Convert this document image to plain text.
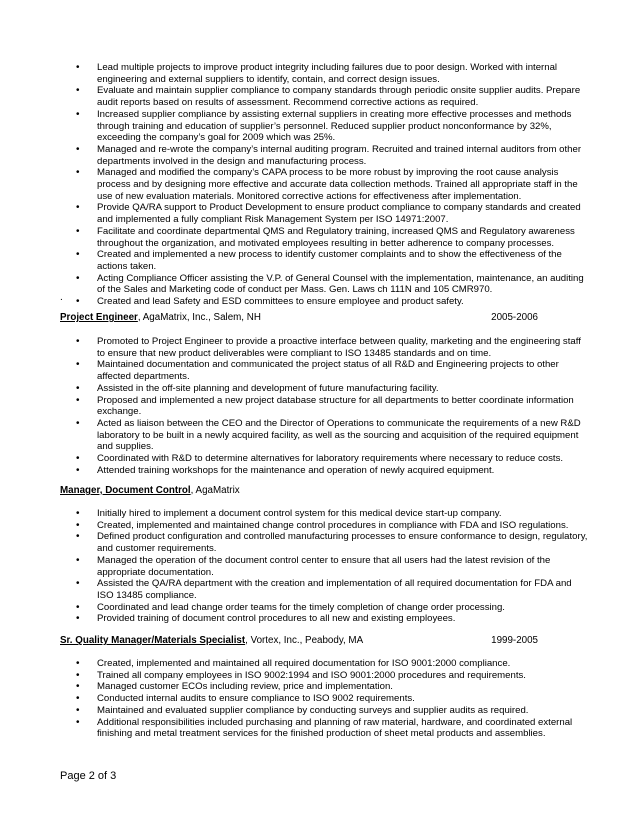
• Lead multiple projects to improve product integrity including failures due to poor design. Worked with internal engineering and external suppliers to identify, contain, and correct design issues.
• Evaluate and maintain supplier compliance to company standards through periodic onsite supplier audits. Prepare audit reports based on results of assessment. Recommend corrective actions as required.
• Increased supplier compliance by assisting external suppliers in creating more effective processes and methods through training and education of supplier’s personnel. Reduced supplier product nonconformance by 32%, exceeding the company’s goal for 2009 which was 25%.
• Managed and re-wrote the company’s internal auditing program. Recruited and trained internal auditors from other departments involved in the design and manufacturing process.
• Managed and modified the company’s CAPA process to be more robust by improving the root cause analysis process and by designing more effective and accurate data collection methods. Trained all appropriate staff in the use of new evaluation materials. Monitored corrective actions for effectiveness after implementation.
• Provide QA/RA support to Product Development to ensure product compliance to company standards and created and implemented a fully compliant Risk Management System per ISO 14971:2007.
• Facilitate and coordinate departmental QMS and Regulatory training, increased QMS and Regulatory awareness throughout the organization, and motivated employees resulting in better adherence to company processes.
• Created and implemented a new process to identify customer complaints and to show the effectiveness of the actions taken.
• Acting Compliance Officer assisting the V.P. of General Counsel with the implementation, maintenance, an auditing of the Sales and Marketing code of conduct per Mass. Gen. Laws ch 111N and 105 CMR970.
• Created and lead Safety and ESD committees to ensure employee and product safety.
.
Project Engineer, AgaMatrix, Inc., Salem, NH	2005-2006
• Promoted to Project Engineer to provide a proactive interface between quality, marketing and the engineering staff to ensure that new product deliverables were compliant to ISO 13485 standards and on time.
• Maintained documentation and communicated the project status of all R&D and Engineering projects to other affected departments.
• Assisted in the off-site planning and development of future manufacturing facility.
• Proposed and implemented a new project database structure for all departments to better coordinate information exchange.
• Acted as liaison between the CEO and the Director of Operations to communicate the requirements of a new R&D laboratory to be built in a newly acquired facility, as well as the sourcing and acquisition of the required equipment and supplies.
• Coordinated with R&D to determine alternatives for laboratory requirements where necessary to reduce costs.
• Attended training workshops for the maintenance and operation of newly acquired equipment.
Manager, Document Control, AgaMatrix
• Initially hired to implement a document control system for this medical device start-up company.
• Created, implemented and maintained change control procedures in compliance with FDA and ISO regulations.
• Defined product configuration and controlled manufacturing processes to ensure conformance to design, regulatory, and customer requirements.
• Managed the operation of the document control center to ensure that all users had the latest revision of the appropriate documentation.
• Assisted the QA/RA department with the creation and implementation of all required documentation for FDA and ISO 13485 compliance.
• Coordinated and lead change order teams for the timely completion of change order processing.
• Provided training of document control procedures to all new and existing employees.
Sr. Quality Manager/Materials Specialist, Vortex, Inc., Peabody, MA	1999-2005
• Created, implemented and maintained all required documentation for ISO 9001:2000 compliance.
• Trained all company employees in ISO 9002:1994 and ISO 9001:2000 procedures and requirements.
• Managed customer ECOs including review, price and implementation.
• Conducted internal audits to ensure compliance to ISO 9002 requirements.
• Maintained and evaluated supplier compliance by conducting surveys and supplier audits as required.
• Additional responsibilities included purchasing and planning of raw material, hardware, and coordinated external finishing and metal treatment services for the finished production of sheet metal products and assemblies.
Page 2 of 3
